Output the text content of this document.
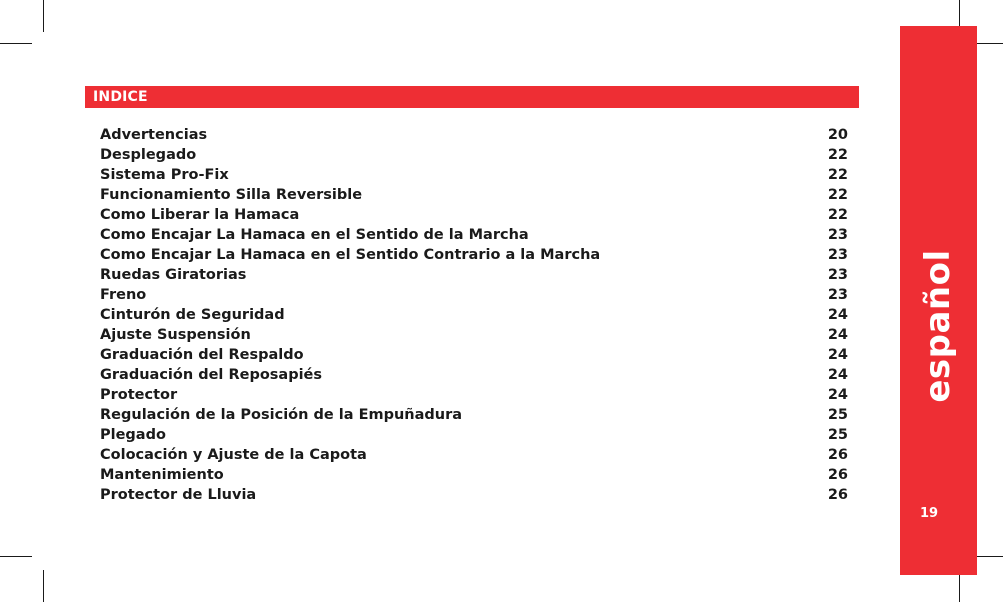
INDICE
Advertencias	20
Desplegado	22
Sistema Pro-Fix	22
Funcionamiento Silla Reversible	22
Como Liberar la Hamaca	22
Como Encajar La Hamaca en el Sentido de la Marcha	23
Como Encajar La Hamaca en el Sentido Contrario a la Marcha	23
Ruedas Giratorias	23
Freno	23
Cinturón de Seguridad	24
Ajuste Suspensión	24
Graduación del Respaldo	24
Graduación del Reposapiés	24
Protector	24
Regulación de la Posición de la Empuñadura	25
Plegado	25
Colocación y Ajuste de la Capota	26
Mantenimiento	26
Protector de Lluvia	26
español
19
